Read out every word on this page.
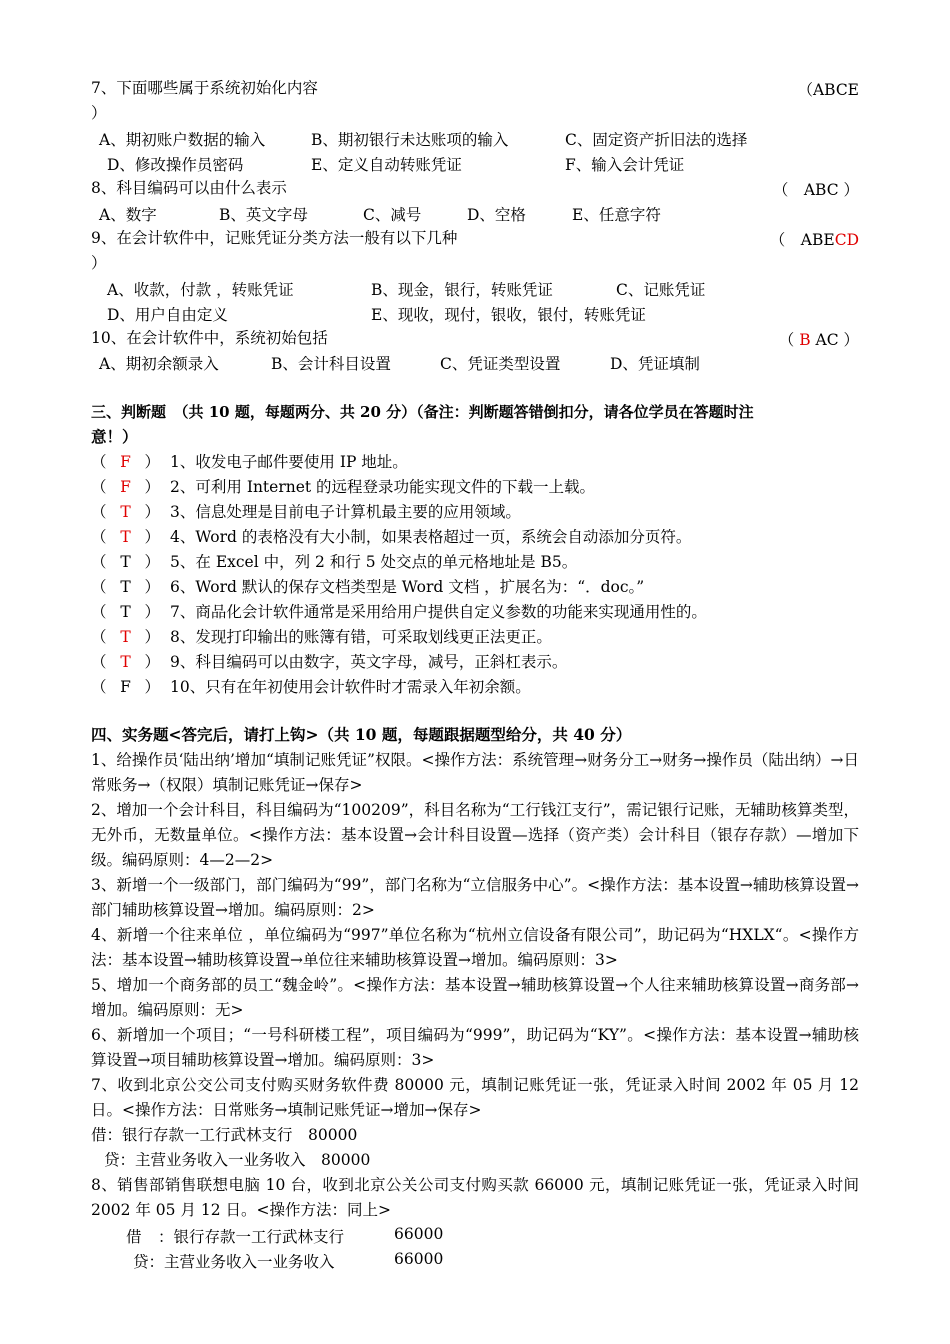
7、下面哪些属于系统初始化内容	（ABCE
）
A、期初账户数据的输入	B、期初银行未达账项的输入	C、固定资产折旧法的选择
D、修改操作员密码	E、定义自动转账凭证	F、输入会计凭证
8、科目编码可以由什么表示	（　ABC ）
A、数字	B、英文字母	C、减号	D、空格	E、任意字符
9、在会计软件中，记账凭证分类方法一般有以下几种	（　ABECD
）
A、收款，付款 ，转账凭证	B、现金，银行，转账凭证	C、记账凭证
D、用户自由定义	E、现收，现付，银收，银付，转账凭证
10、在会计软件中，系统初始包括	（ B AC ）
A、期初余额录入	B、会计科目设置	C、凭证类型设置	D、凭证填制
三、判断题　（共 10 题，每题两分、共 20 分）（备注：判断题答错倒扣分，请各位学员在答题时注
意！）
（ F ） 1、收发电子邮件要使用 IP 地址。
（ F ） 2、可利用 Internet 的远程登录功能实现文件的下载一上载。
（ T ） 3、信息处理是目前电子计算机最主要的应用领域。
（ T ） 4、Word 的表格没有大小制，如果表格超过一页，系统会自动添加分页符。
（ T ） 5、在 Excel 中，列 2 和行 5 处交点的单元格地址是 B5。
（ T ） 6、Word 默认的保存文档类型是 Word 文档 ，扩展名为：“．doc。”
（ T ） 7、商品化会计软件通常是采用给用户提供自定义参数的功能来实现通用性的。
（ T ） 8、发现打印输出的账簿有错，可采取划线更正法更正。
（ T ） 9、科目编码可以由数字，英文字母，减号，正斜杠表示。
（ F ） 10、只有在年初使用会计软件时才需录入年初余额。
四、实务题<答完后，请打上钩>（共 10 题，每题跟据题型给分，共 40 分）
1、给操作员‘陆出纳’增加“填制记账凭证”权限。<操作方法：系统管理→财务分工→财务→操作员（陆出纳）→日常账务→（权限）填制记账凭证→保存>
2、增加一个会计科目，科目编码为“100209”，科目名称为“工行钱江支行”，需记银行记账，无辅助核算类型，无外币，无数量单位。<操作方法：基本设置→会计科目设置—选择（资产类）会计科目（银存存款）—增加下级。编码原则：4—2—2>
3、新增一个一级部门，部门编码为“99”，部门名称为“立信服务中心”。<操作方法：基本设置→辅助核算设置→部门辅助核算设置→增加。编码原则：2>
4、新增一个往来单位 ，单位编码为“997”单位名称为“杭州立信设备有限公司”，助记码为“HXLX“。<操作方法：基本设置→辅助核算设置→单位往来辅助核算设置→增加。编码原则：3>
5、增加一个商务部的员工“魏金岭”。<操作方法：基本设置→辅助核算设置→个人往来辅助核算设置→商务部→增加。编码原则：无>
6、新增加一个项目；“一号科研楼工程”，项目编码为“999”，助记码为“KY”。<操作方法：基本设置→辅助核算设置→项目辅助核算设置→增加。编码原则：3>
7、收到北京公交公司支付购买财务软件费 80000 元，填制记账凭证一张，凭证录入时间 2002 年 05 月 12 日。<操作方法：日常账务→填制记账凭证→增加→保存>
借：银行存款一工行武林支行　80000
贷：主营业务收入一业务收入　80000
8、销售部销售联想电脑 10 台，收到北京公关公司支付购买款 66000 元，填制记账凭证一张，凭证录入时间 2002 年 05 月 12 日。<操作方法：同上>
借 ：银行存款一工行武林支行	66000
贷：主营业务收入一业务收入	66000
